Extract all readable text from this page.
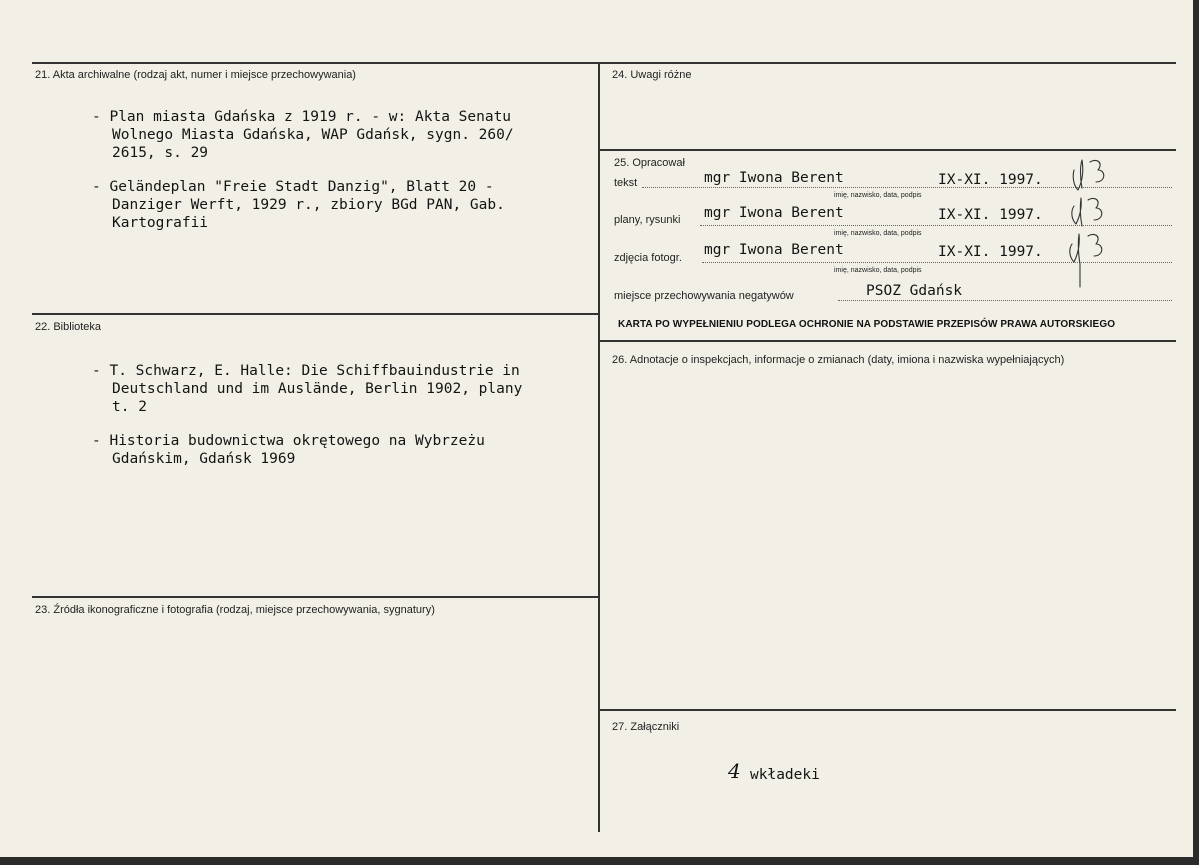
21. Akta archiwalne (rodzaj akt, numer i miejsce przechowywania)
- Plan miasta Gdańska z 1919 r. - w: Akta Senatu
Wolnego Miasta Gdańska, WAP Gdańsk, sygn. 260/
2615, s. 29
- Geländeplan "Freie Stadt Danzig", Blatt 20 -
Danziger Werft, 1929 r., zbiory BGd PAN, Gab.
Kartografii
22. Biblioteka
- T. Schwarz, E. Halle: Die Schiffbauindustrie in
Deutschland und im Auslände, Berlin 1902, plany
t. 2
- Historia budownictwa okrętowego na Wybrzeżu
Gdańskim, Gdańsk 1969
23. Źródła ikonograficzne i fotografia (rodzaj, miejsce przechowywania, sygnatury)
24. Uwagi różne
25. Opracował
tekst	mgr Iwona Berent	IX-XI. 1997.
imię, nazwisko, data, podpis
plany, rysunki mgr Iwona Berent	IX-XI. 1997.
imię, nazwisko, data, podpis
zdjęcia fotogr. mgr Iwona Berent	IX-XI. 1997.
imię, nazwisko, data, podpis
miejsce przechowywania negatywów	PSOZ Gdańsk
KARTA PO WYPEŁNIENIU PODLEGA OCHRONIE NA PODSTAWIE PRZEPISÓW PRAWA AUTORSKIEGO
26. Adnotacje o inspekcjach, informacje o zmianach (daty, imiona i nazwiska wypełniających)
27. Załączniki
4 wkładeki
